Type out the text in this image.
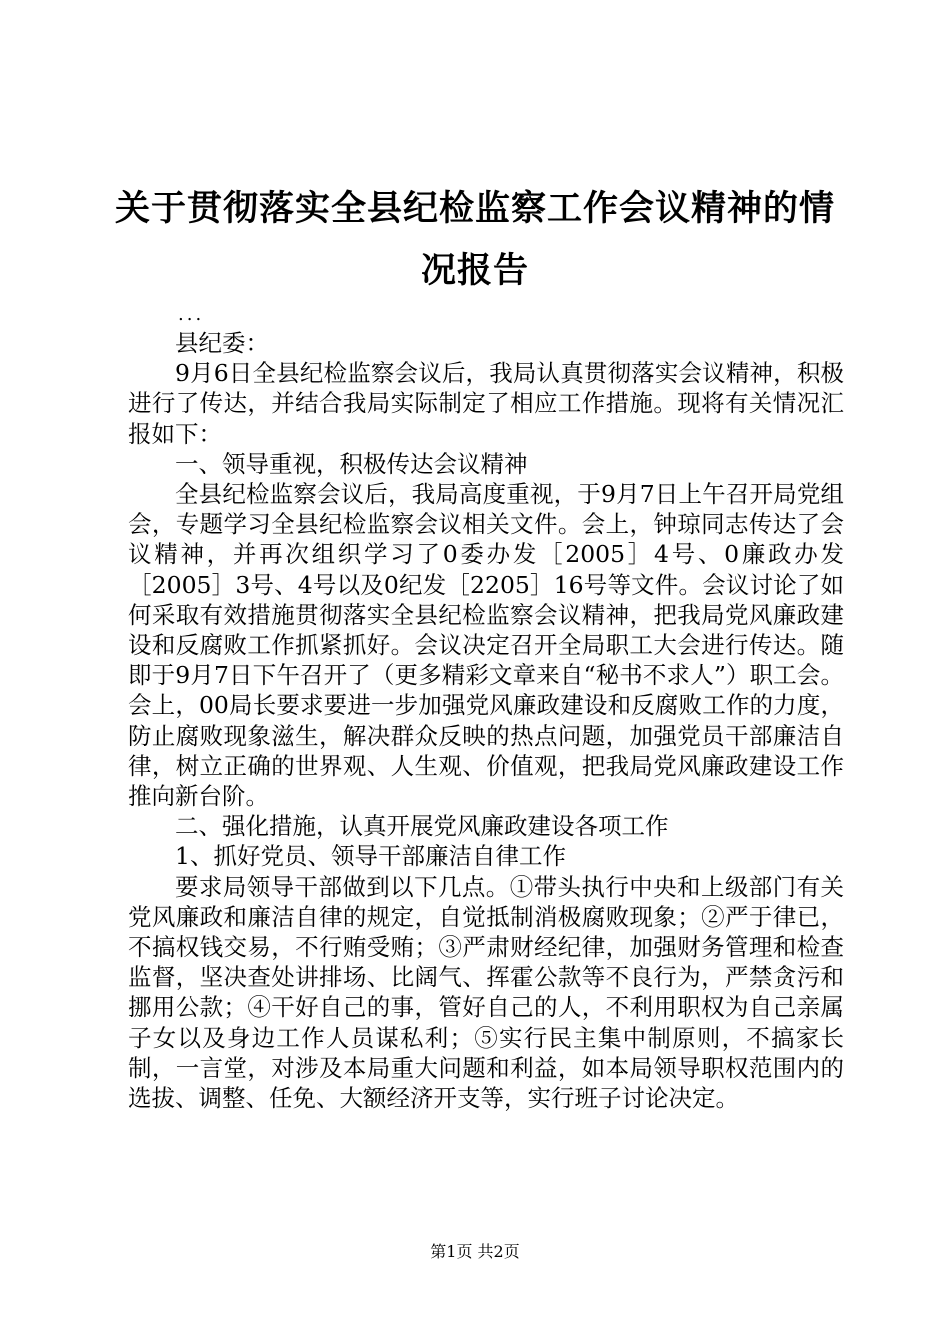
关于贯彻落实全县纪检监察工作会议精神的情况报告
...

县纪委：

9月6日全县纪检监察会议后，我局认真贯彻落实会议精神，积极进行了传达，并结合我局实际制定了相应工作措施。现将有关情况汇报如下：

一、领导重视，积极传达会议精神

全县纪检监察会议后，我局高度重视，于9月7日上午召开局党组会，专题学习全县纪检监察会议相关文件。会上，钟琼同志传达了会议精神，并再次组织学习了0委办发［2005］4号、0廉政办发［2005］3号、4号以及0纪发［2205］16号等文件。会议讨论了如何采取有效措施贯彻落实全县纪检监察会议精神，把我局党风廉政建设和反腐败工作抓紧抓好。会议决定召开全局职工大会进行传达。随即于9月7日下午召开了（更多精彩文章来自“秘书不求人”）职工会。会上，00局长要求要进一步加强党风廉政建设和反腐败工作的力度，防止腐败现象滋生，解决群众反映的热点问题，加强党员干部廉洁自律，树立正确的世界观、人生观、价值观，把我局党风廉政建设工作推向新台阶。

二、强化措施，认真开展党风廉政建设各项工作

1、抓好党员、领导干部廉洁自律工作

要求局领导干部做到以下几点。①带头执行中央和上级部门有关党风廉政和廉洁自律的规定，自觉抵制消极腐败现象；②严于律已，不搞权钱交易，不行贿受贿；③严肃财经纪律，加强财务管理和检查监督，坚决查处讲排场、比阔气、挥霍公款等不良行为，严禁贪污和挪用公款；④干好自己的事，管好自己的人，不利用职权为自己亲属子女以及身边工作人员谋私利；⑤实行民主集中制原则，不搞家长制，一言堂，对涉及本局重大问题和利益，如本局领导职权范围内的选拔、调整、任免、大额经济开支等，实行班子讨论决定。

第1页 共2页
